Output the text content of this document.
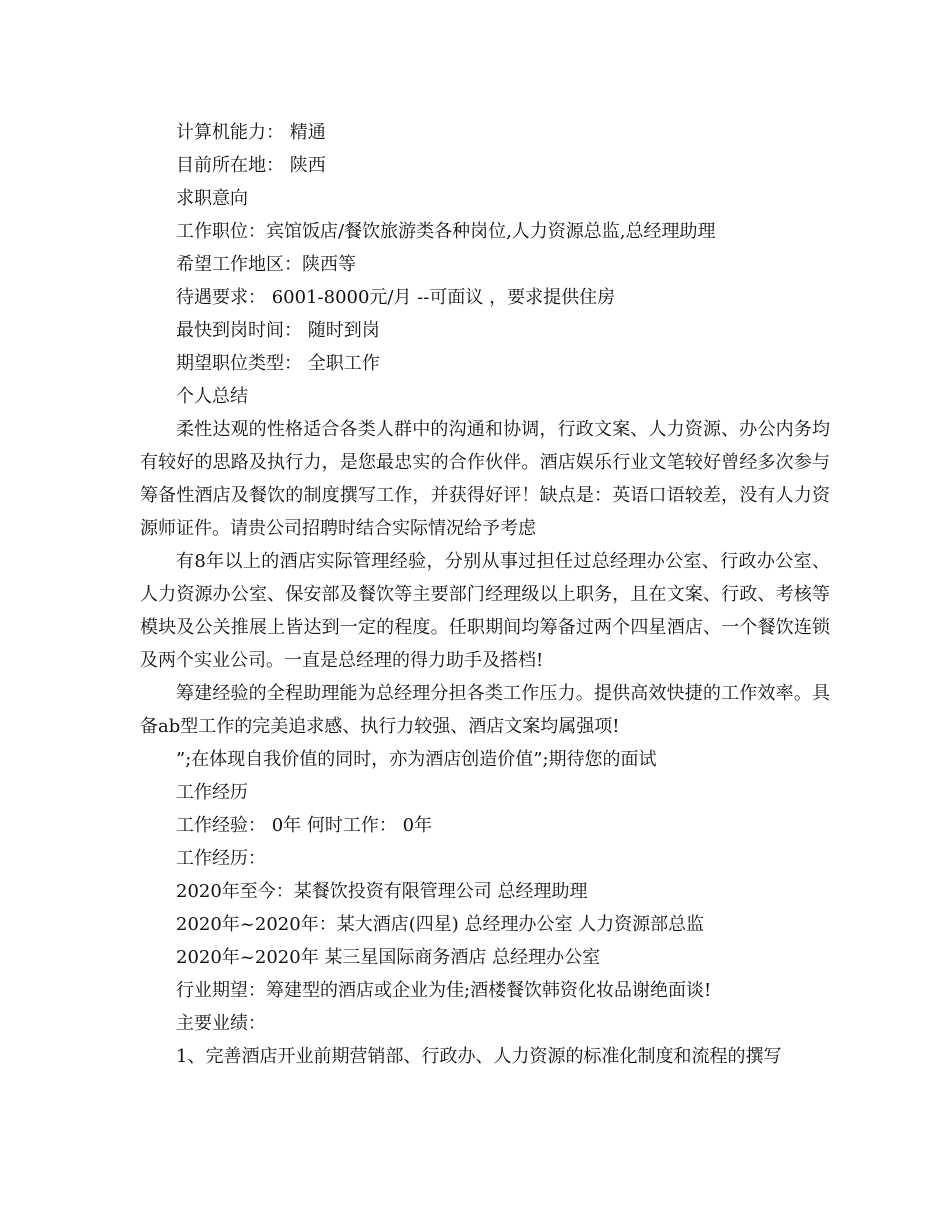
计算机能力： 精通

目前所在地： 陕西

求职意向

工作职位：宾馆饭店/餐饮旅游类各种岗位,人力资源总监,总经理助理

希望工作地区：陕西等

待遇要求： 6001-8000元/月 --可面议 ，要求提供住房

最快到岗时间： 随时到岗

期望职位类型： 全职工作

个人总结

柔性达观的性格适合各类人群中的沟通和协调，行政文案、人力资源、办公内务均有较好的思路及执行力，是您最忠实的合作伙伴。酒店娱乐行业文笔较好曾经多次参与筹备性酒店及餐饮的制度撰写工作，并获得好评！缺点是：英语口语较差，没有人力资源师证件。请贵公司招聘时结合实际情况给予考虑

有8年以上的酒店实际管理经验，分别从事过担任过总经理办公室、行政办公室、人力资源办公室、保安部及餐饮等主要部门经理级以上职务，且在文案、行政、考核等模块及公关推展上皆达到一定的程度。任职期间均筹备过两个四星酒店、一个餐饮连锁及两个实业公司。一直是总经理的得力助手及搭档!

筹建经验的全程助理能为总经理分担各类工作压力。提供高效快捷的工作效率。具备ab型工作的完美追求感、执行力较强、酒店文案均属强项!

”;在体现自我价值的同时，亦为酒店创造价值”;期待您的面试

工作经历

工作经验： 0年 何时工作： 0年

工作经历：

2020年至今：某餐饮投资有限管理公司 总经理助理

2020年~2020年：某大酒店(四星) 总经理办公室 人力资源部总监

2020年~2020年 某三星国际商务酒店 总经理办公室

行业期望：筹建型的酒店或企业为佳;酒楼餐饮韩资化妆品谢绝面谈!

主要业绩：

1、完善酒店开业前期营销部、行政办、人力资源的标准化制度和流程的撰写
